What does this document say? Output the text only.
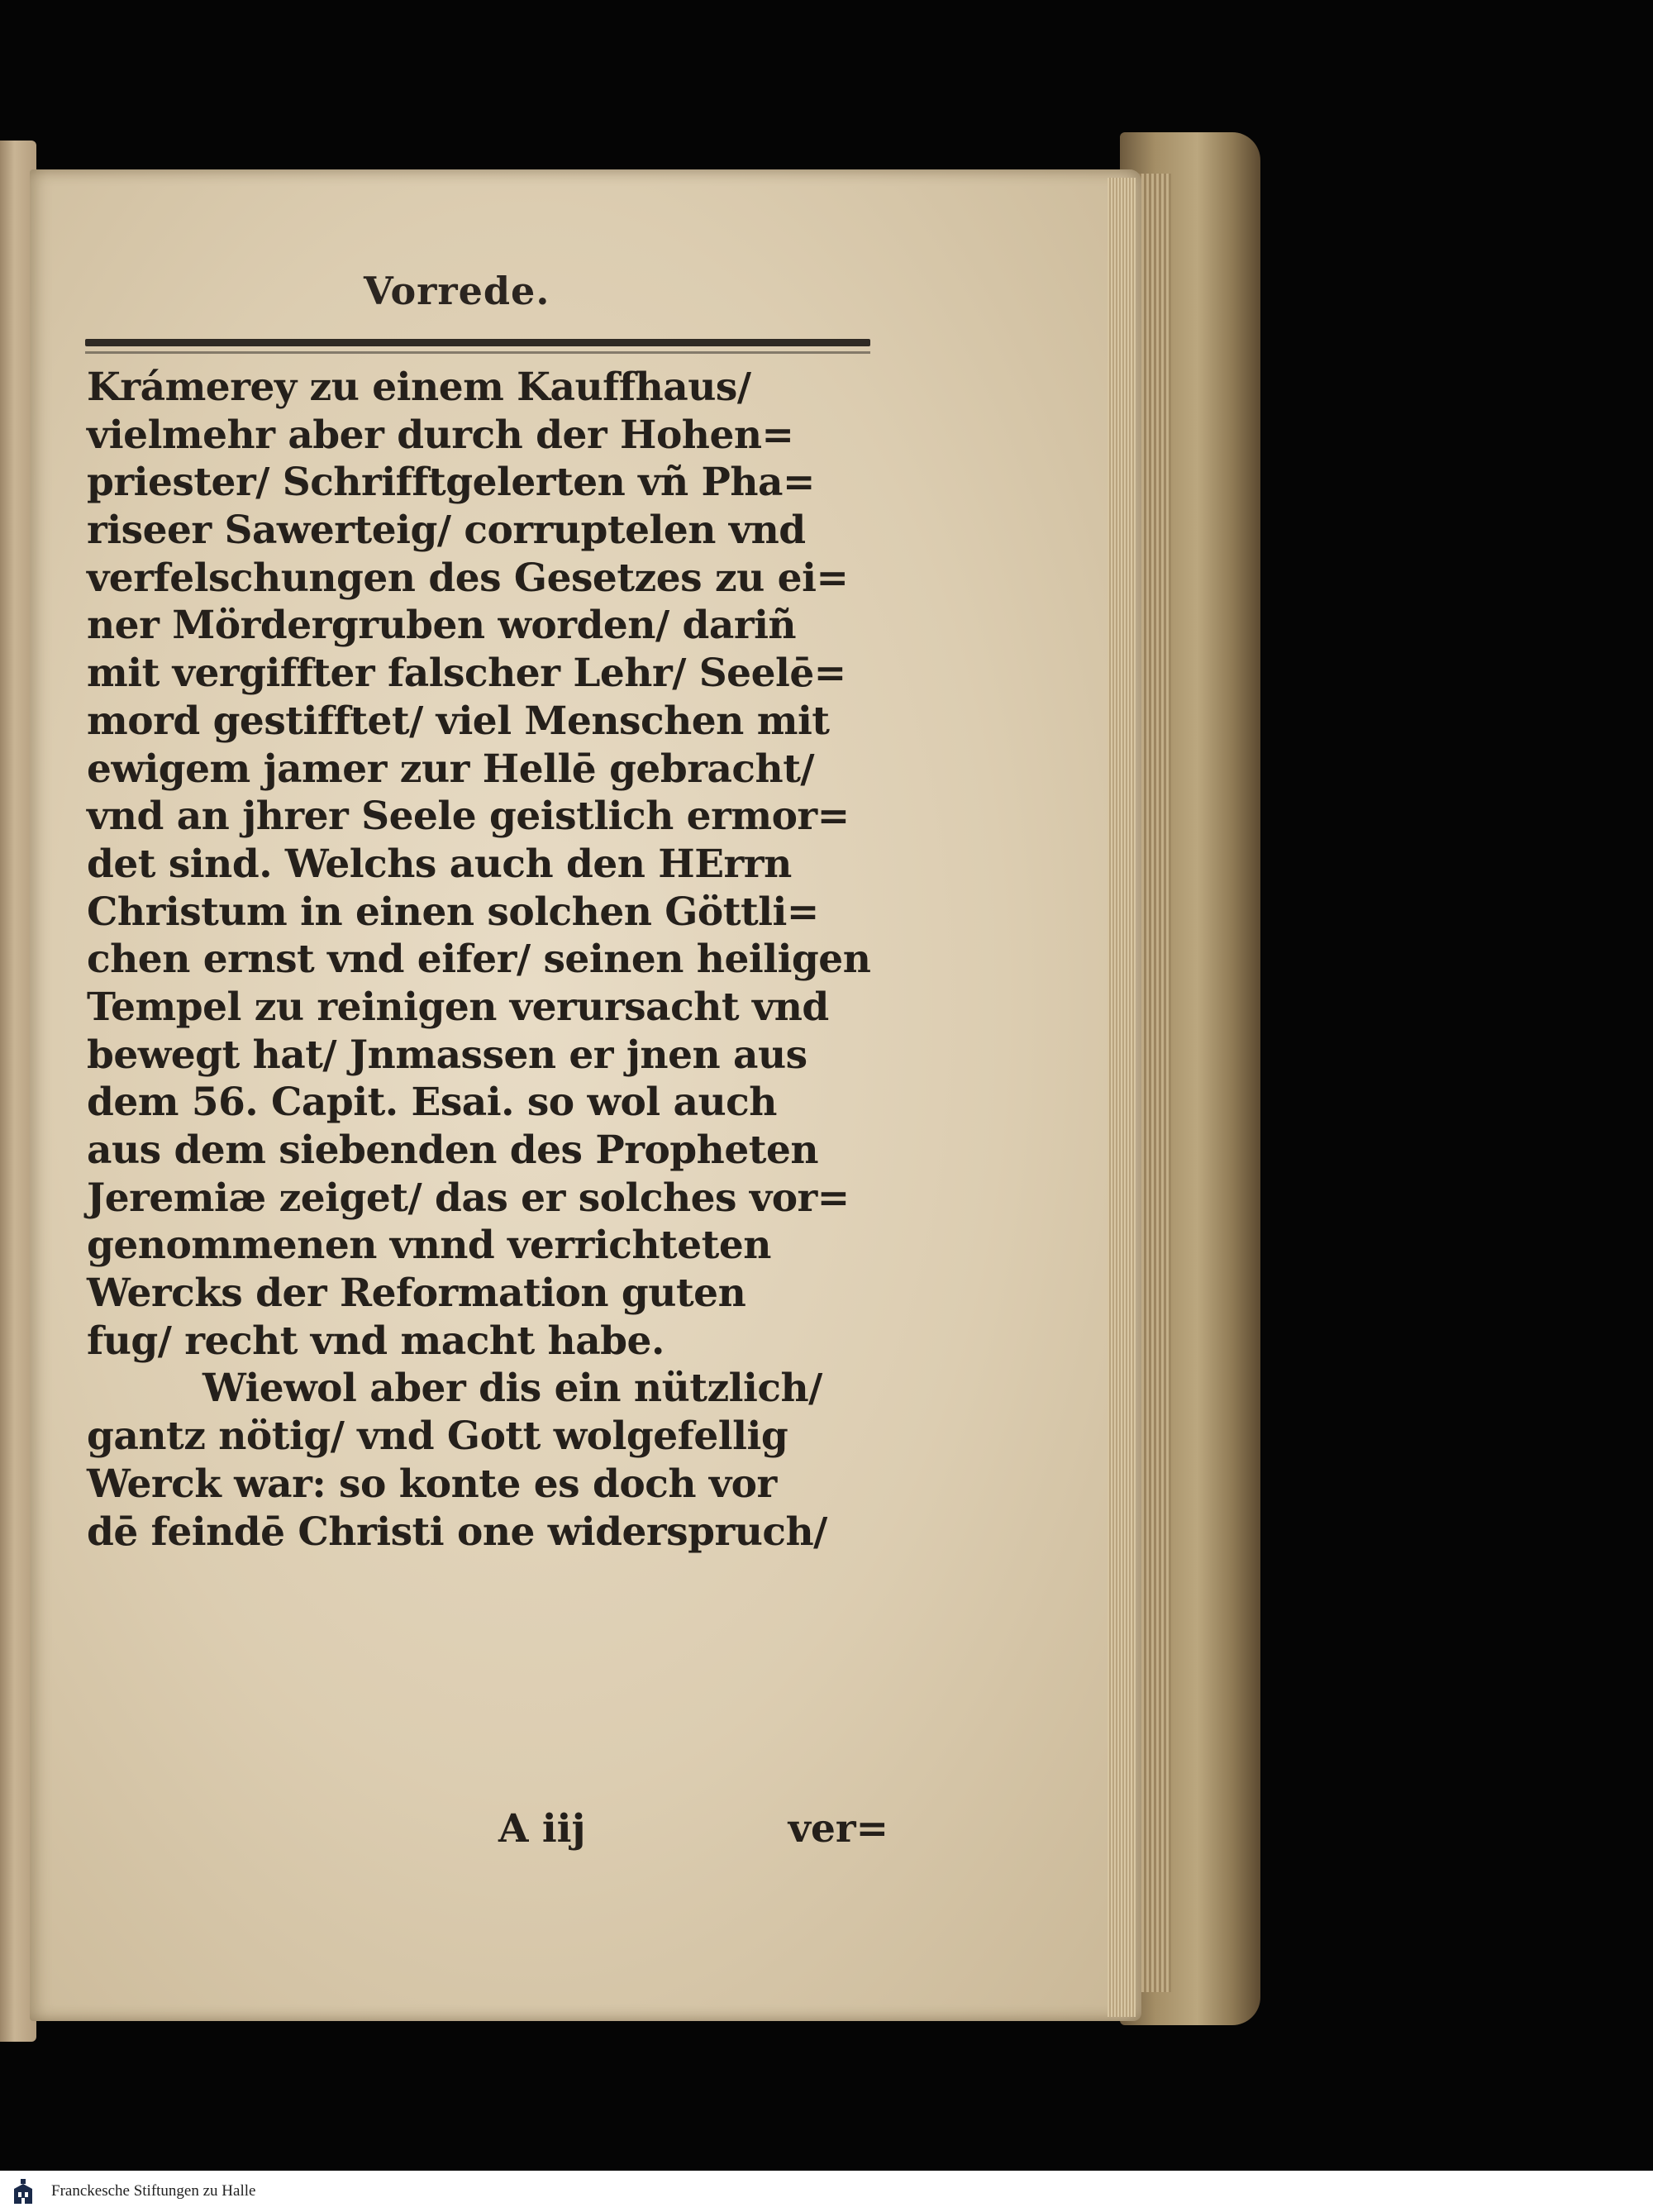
Vorrede.
Krámerey zu einem Kauffhaus/
vielmehr aber durch der Hohen=
priester/ Schrifftgelerten vñ Pha=
riseer Sawerteig/ corruptelen vnd
verfelschungen des Gesetzes zu ei=
ner Mördergruben worden/ dariñ
mit vergiffter falscher Lehr/ Seelē=
mord gestifftet/ viel Menschen mit
ewigem jamer zur Hellē gebracht/
vnd an jhrer Seele geistlich ermor=
det sind. Welchs auch den HErrn
Christum in einen solchen Göttli=
chen ernst vnd eifer/ seinen heiligen
Tempel zu reinigen verursacht vnd
bewegt hat/ Jnmassen er jnen aus
dem 56. Capit. Esai. so wol auch
aus dem siebenden des Propheten
Jeremiæ zeiget/ das er solches vor=
genommenen vnnd verrichteten
Wercks der Reformation guten
fug/ recht vnd macht habe.
Wiewol aber dis ein nützlich/
gantz nötig/ vnd Gott wolgefellig
Werck war: so konte es doch vor
dē feindē Christi one widerspruch/
A iij	ver=
Franckesche Stiftungen zu Halle
